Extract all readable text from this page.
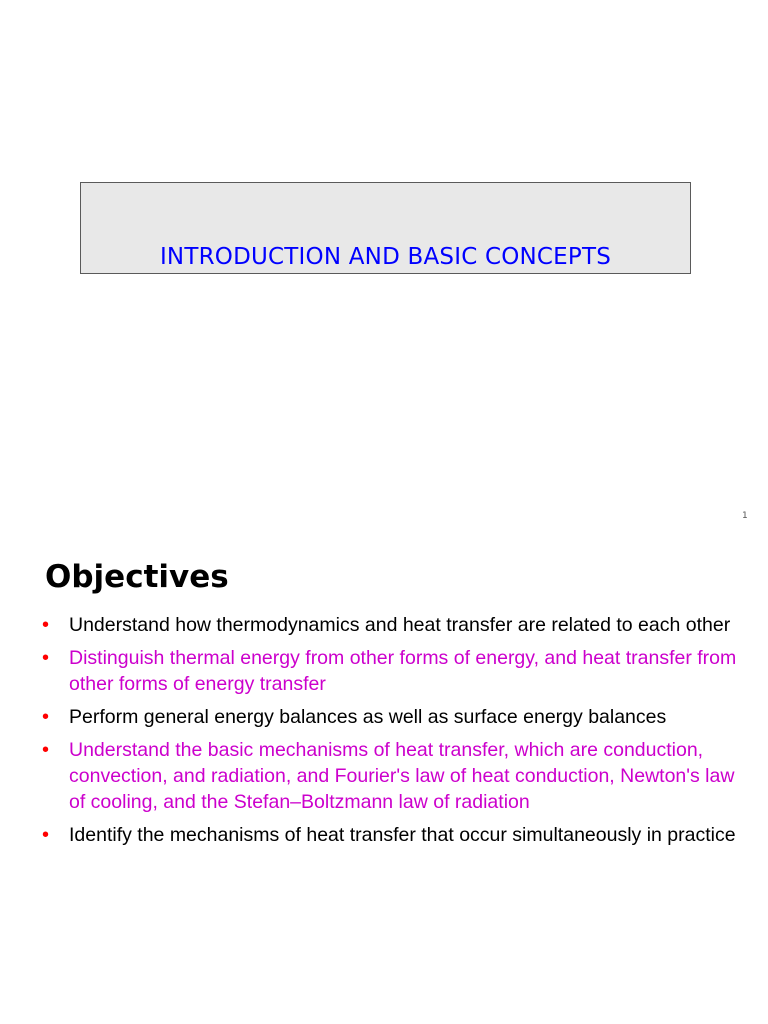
INTRODUCTION AND BASIC CONCEPTS
1
Objectives
• Understand how thermodynamics and heat transfer are related to each other
• Distinguish thermal energy from other forms of energy, and heat transfer from other forms of energy transfer
• Perform general energy balances as well as surface energy balances
• Understand the basic mechanisms of heat transfer, which are conduction, convection, and radiation, and Fourier's law of heat conduction, Newton's law of cooling, and the Stefan–Boltzmann law of radiation
• Identify the mechanisms of heat transfer that occur simultaneously in practice
